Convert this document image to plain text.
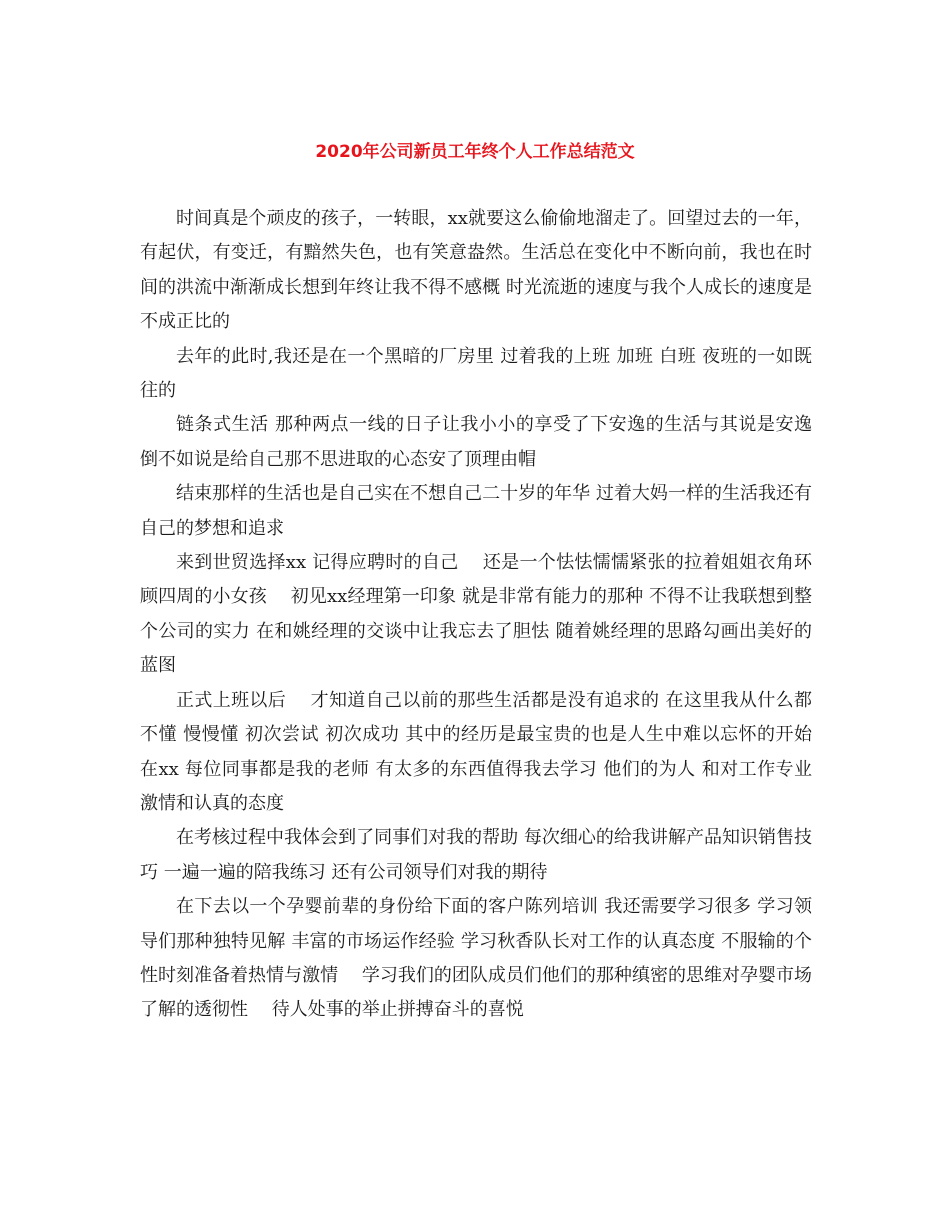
2020年公司新员工年终个人工作总结范文

时间真是个顽皮的孩子，一转眼，xx就要这么偷偷地溜走了。回望过去的一年，有起伏，有变迁，有黯然失色，也有笑意盎然。生活总在变化中不断向前，我也在时间的洪流中渐渐成长想到年终让我不得不感概 时光流逝的速度与我个人成长的速度是不成正比的

去年的此时,我还是在一个黑暗的厂房里 过着我的上班 加班 白班 夜班的一如既往的

链条式生活 那种两点一线的日子让我小小的享受了下安逸的生活与其说是安逸 倒不如说是给自己那不思进取的心态安了顶理由帽

结束那样的生活也是自己实在不想自己二十岁的年华 过着大妈一样的生活我还有自己的梦想和追求

来到世贸选择xx 记得应聘时的自己　 还是一个怯怯懦懦紧张的拉着姐姐衣角环顾四周的小女孩　 初见xx经理第一印象 就是非常有能力的那种 不得不让我联想到整个公司的实力 在和姚经理的交谈中让我忘去了胆怯 随着姚经理的思路勾画出美好的蓝图

正式上班以后　 才知道自己以前的那些生活都是没有追求的 在这里我从什么都不懂 慢慢懂 初次尝试 初次成功 其中的经历是最宝贵的也是人生中难以忘怀的开始　 在xx 每位同事都是我的老师 有太多的东西值得我去学习 他们的为人 和对工作专业 激情和认真的态度

在考核过程中我体会到了同事们对我的帮助 每次细心的给我讲解产品知识销售技巧 一遍一遍的陪我练习 还有公司领导们对我的期待

在下去以一个孕婴前辈的身份给下面的客户陈列培训 我还需要学习很多 学习领导们那种独特见解 丰富的市场运作经验 学习秋香队长对工作的认真态度 不服输的个性时刻准备着热情与激情　 学习我们的团队成员们他们的那种缜密的思维对孕婴市场了解的透彻性　 待人处事的举止拼搏奋斗的喜悦
